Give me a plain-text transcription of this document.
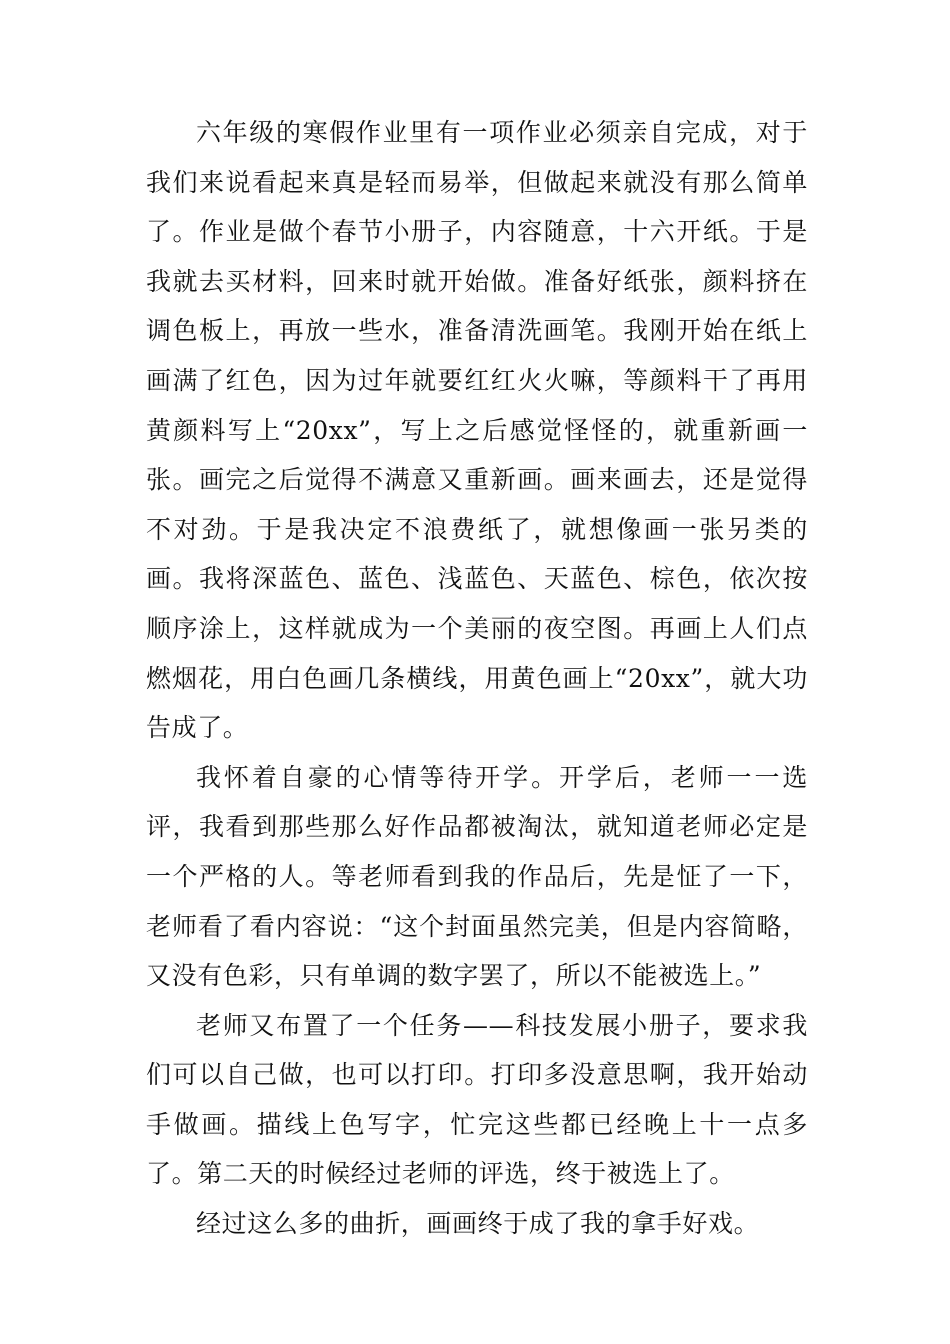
六年级的寒假作业里有一项作业必须亲自完成，对于我们来说看起来真是轻而易举，但做起来就没有那么简单了。作业是做个春节小册子，内容随意，十六开纸。于是我就去买材料，回来时就开始做。准备好纸张，颜料挤在调色板上，再放一些水，准备清洗画笔。我刚开始在纸上画满了红色，因为过年就要红红火火嘛，等颜料干了再用黄颜料写上“20xx”，写上之后感觉怪怪的，就重新画一张。画完之后觉得不满意又重新画。画来画去，还是觉得不对劲。于是我决定不浪费纸了，就想像画一张另类的画。我将深蓝色、蓝色、浅蓝色、天蓝色、棕色，依次按顺序涂上，这样就成为一个美丽的夜空图。再画上人们点燃烟花，用白色画几条横线，用黄色画上“20xx”，就大功告成了。

我怀着自豪的心情等待开学。开学后，老师一一选评，我看到那些那么好作品都被淘汰，就知道老师必定是一个严格的人。等老师看到我的作品后，先是怔了一下，老师看了看内容说：“这个封面虽然完美，但是内容简略，又没有色彩，只有单调的数字罢了，所以不能被选上。”

老师又布置了一个任务——科技发展小册子，要求我们可以自己做，也可以打印。打印多没意思啊，我开始动手做画。描线上色写字，忙完这些都已经晚上十一点多了。第二天的时候经过老师的评选，终于被选上了。

经过这么多的曲折，画画终于成了我的拿手好戏。
